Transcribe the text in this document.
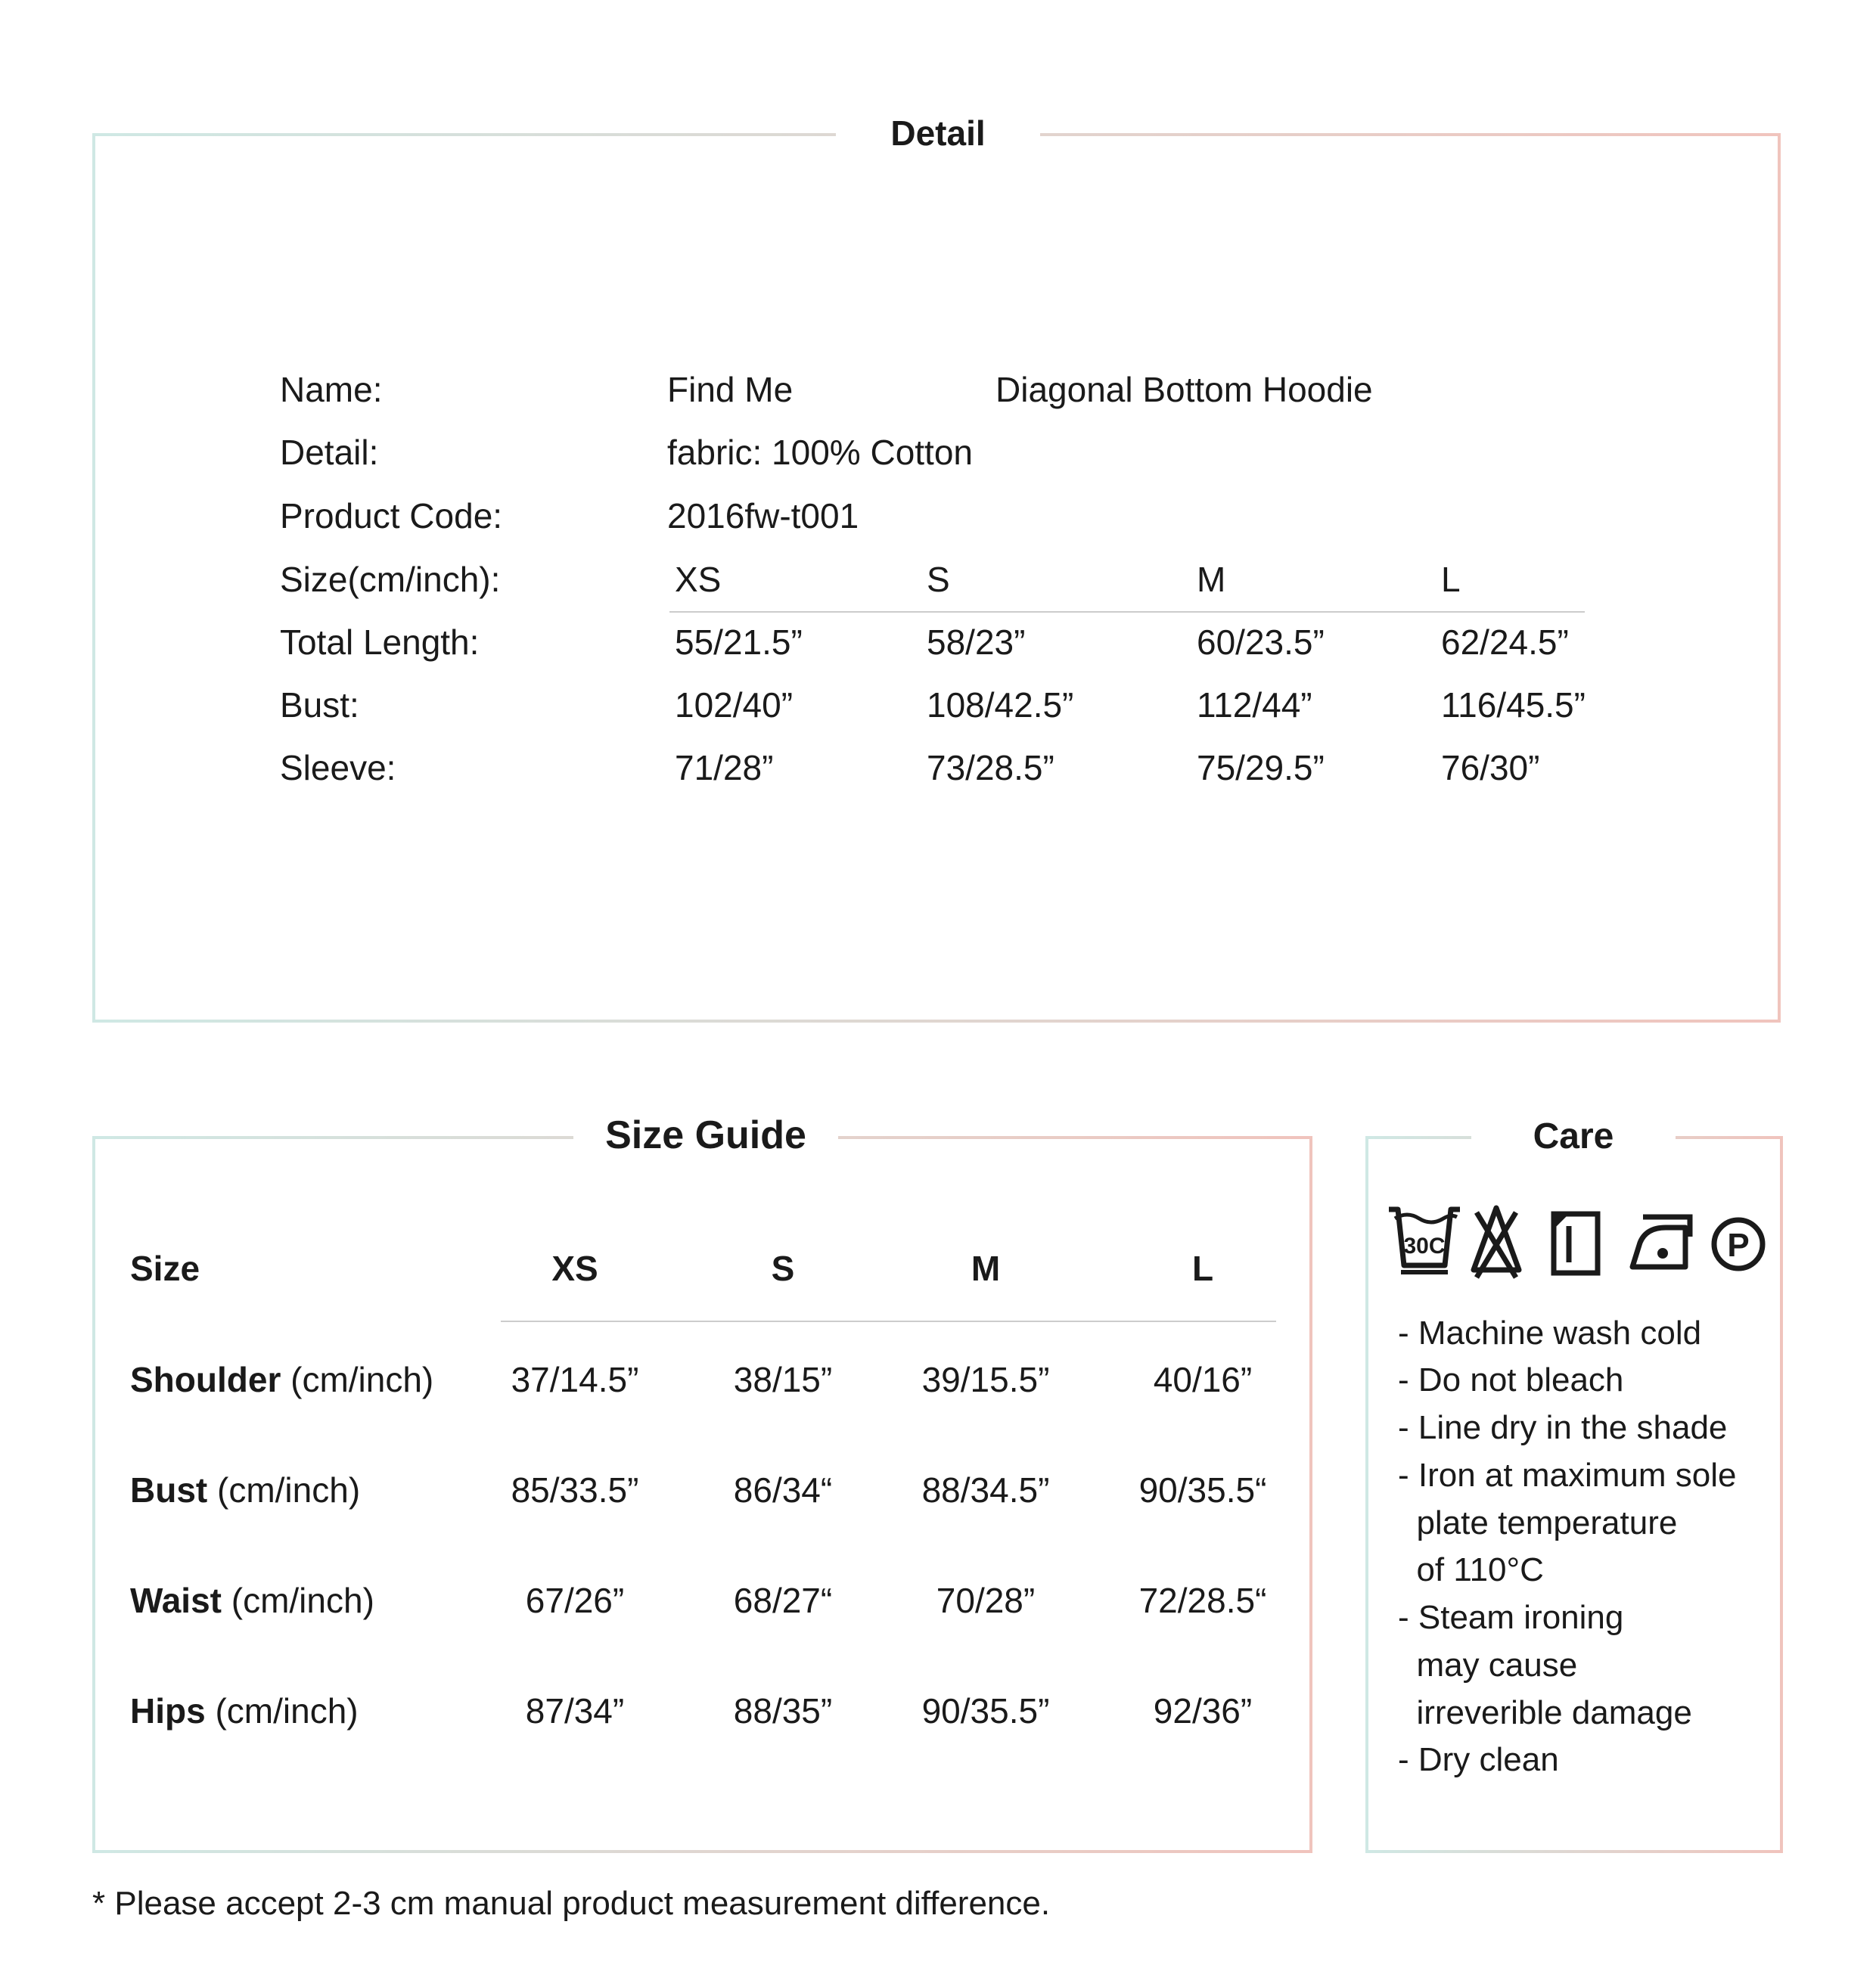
Detail
Name:	Find Me	Diagonal Bottom Hoodie
Detail:	fabric: 100% Cotton
Product Code:	2016fw-t001
Size(cm/inch):	XS	S	M	L
Total Length:	55/21.5”	58/23”	60/23.5”	62/24.5”
Bust:	102/40”	108/42.5”	112/44”	116/45.5”
Sleeve:	71/28”	73/28.5”	75/29.5”	76/30”
Size Guide
Size	XS	S	M	L
Shoulder (cm/inch)	37/14.5”	38/15”	39/15.5”	40/16”
Bust (cm/inch)	85/33.5”	86/34“	88/34.5”	90/35.5“
Waist (cm/inch)	67/26”	68/27“	70/28”	72/28.5“
Hips (cm/inch)	87/34”	88/35”	90/35.5”	92/36”
Care
30C	P
- Machine wash cold
- Do not bleach
- Line dry in the shade
- Iron at maximum sole
plate temperature
of 110°C
- Steam ironing
may cause
irreverible damage
- Dry clean
* Please accept 2-3 cm manual product measurement difference.
